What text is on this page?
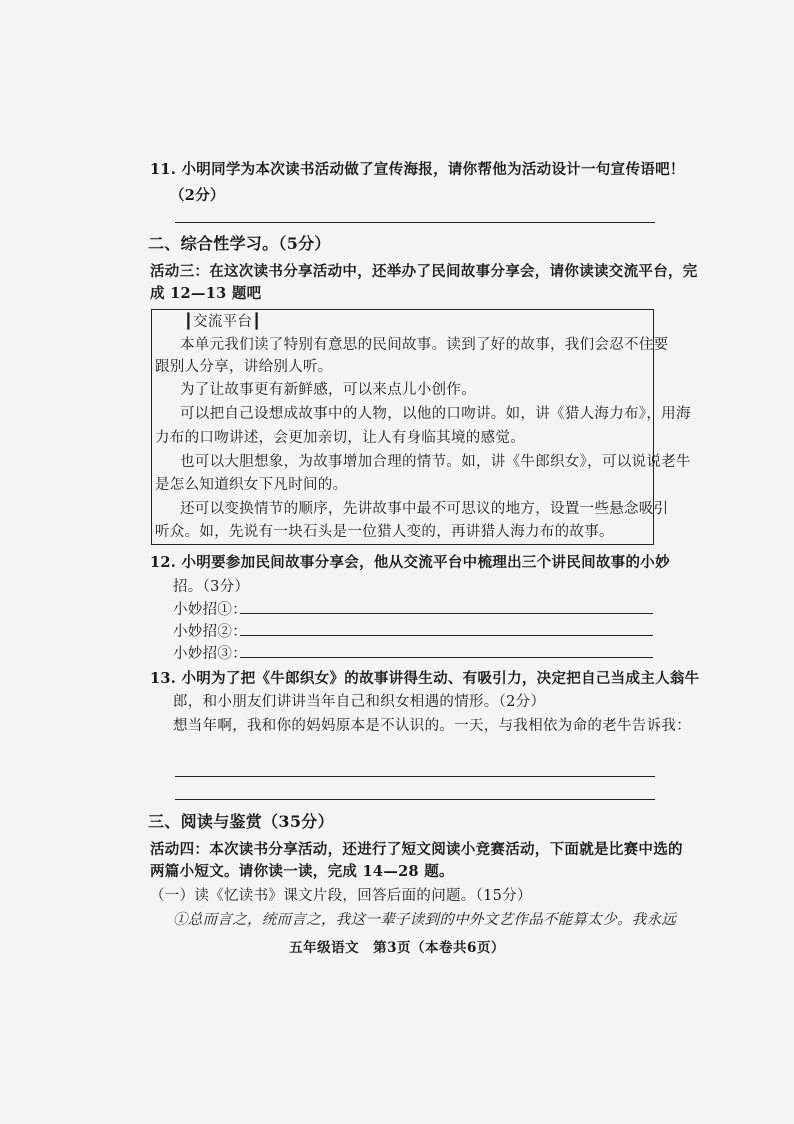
11. 小明同学为本次读书活动做了宣传海报，请你帮他为活动设计一句宣传语吧！
（2分）
二、综合性学习。（5分）
活动三：在这次读书分享活动中，还举办了民间故事分享会，请你读读交流平台，完
成 12—13 题吧
┃交流平台┃
本单元我们读了特别有意思的民间故事。读到了好的故事，我们会忍不住要
跟别人分享，讲给别人听。
为了让故事更有新鲜感，可以来点儿小创作。
可以把自己设想成故事中的人物，以他的口吻讲。如，讲《猎人海力布》，用海
力布的口吻讲述，会更加亲切，让人有身临其境的感觉。
也可以大胆想象，为故事增加合理的情节。如，讲《牛郎织女》，可以说说老牛
是怎么知道织女下凡时间的。
还可以变换情节的顺序，先讲故事中最不可思议的地方，设置一些悬念吸引
听众。如，先说有一块石头是一位猎人变的，再讲猎人海力布的故事。
12. 小明要参加民间故事分享会，他从交流平台中梳理出三个讲民间故事的小妙
招。（3分）
小妙招①：
小妙招②：
小妙招③：
13. 小明为了把《牛郎织女》的故事讲得生动、有吸引力，决定把自己当成主人翁牛
郎，和小朋友们讲讲当年自己和织女相遇的情形。（2分）
想当年啊，我和你的妈妈原本是不认识的。一天，与我相依为命的老牛告诉我：
三、阅读与鉴赏（35分）
活动四：本次读书分享活动，还进行了短文阅读小竞赛活动，下面就是比赛中选的
两篇小短文。请你读一读，完成 14—28 题。
（一）读《忆读书》课文片段，回答后面的问题。（15分）
①总而言之，统而言之，我这一辈子读到的中外文艺作品不能算太少。我永远
五年级语文　第3页（本卷共6页）
